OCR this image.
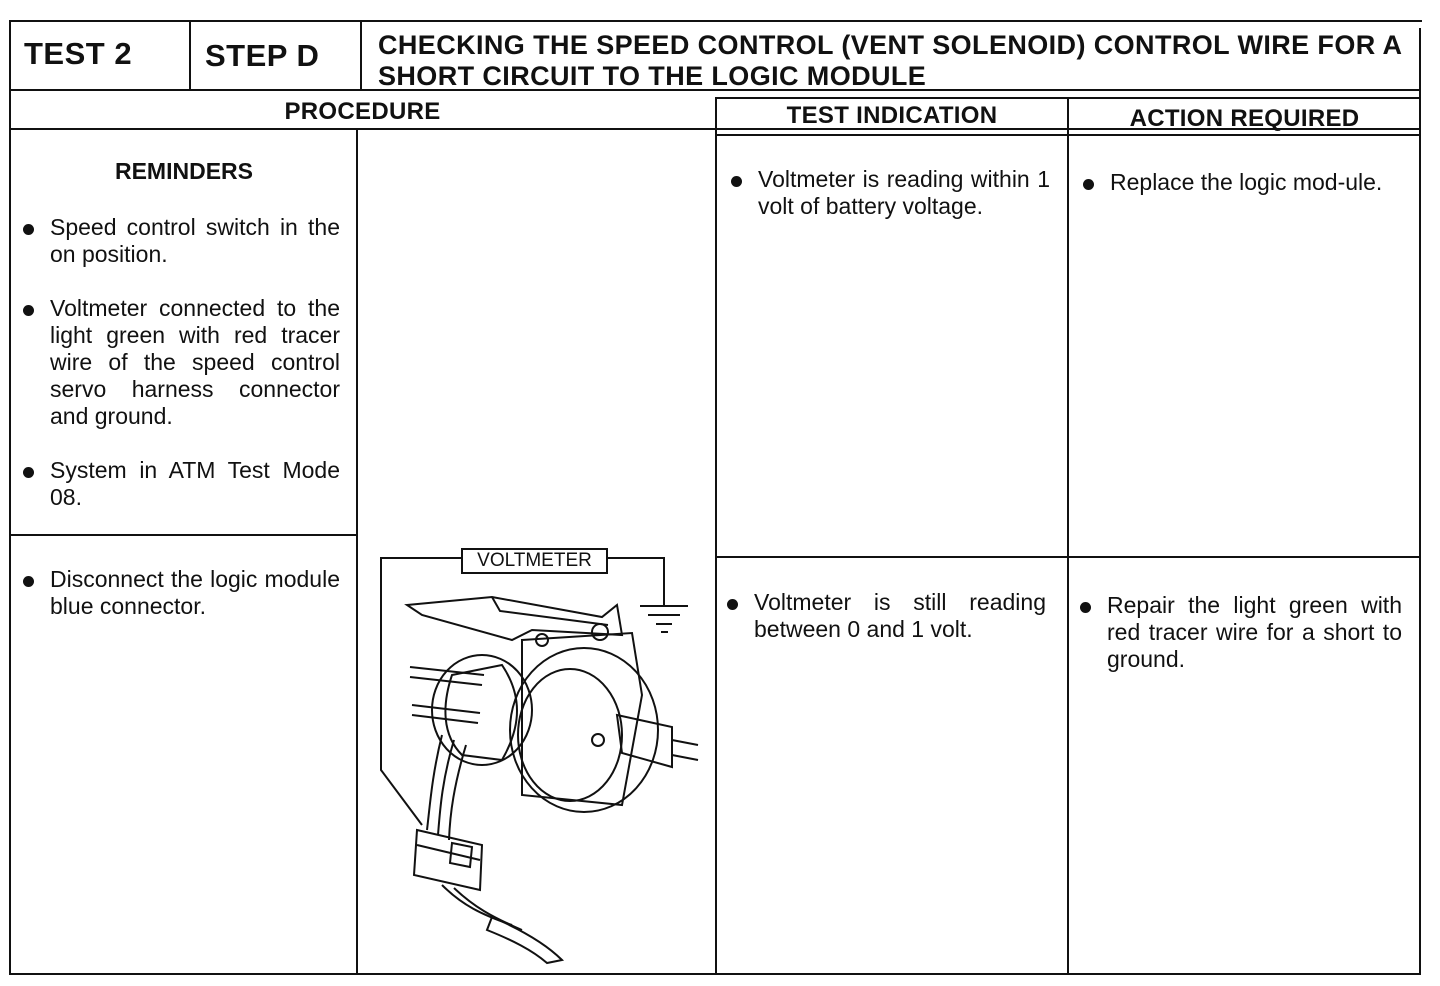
TEST 2 STEP D CHECKING THE SPEED CONTROL (VENT SOLENOID) CONTROL WIRE FOR A SHORT CIRCUIT TO THE LOGIC MODULE
PROCEDURE	TEST INDICATION	ACTION REQUIRED
REMINDERS
Speed control switch in the on position.
Voltmeter connected to the light green with red tracer wire of the speed control servo harness connector and ground.
System in ATM Test Mode 08.
Disconnect the logic module blue connector.
Voltmeter is reading within 1 volt of battery voltage.
Voltmeter is still reading between 0 and 1 volt.
Replace the logic mod-ule.
Repair the light green with red tracer wire for a short to ground.
VOLTMETER
